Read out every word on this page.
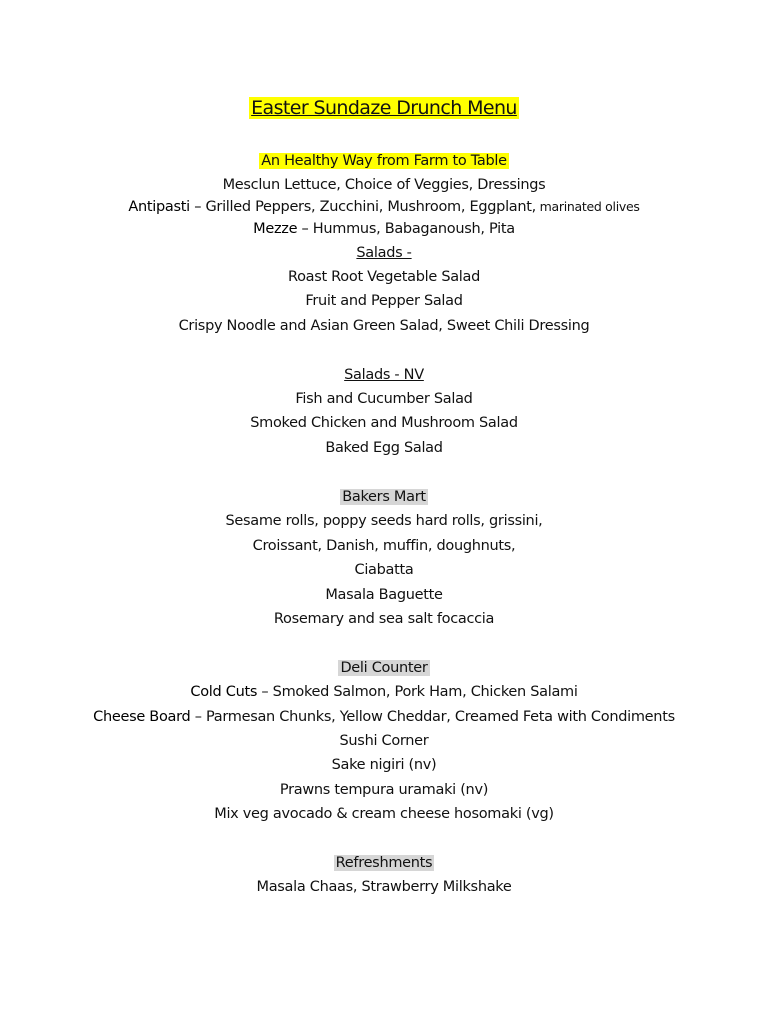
Easter Sundaze Drunch Menu
An Healthy Way from Farm to Table
Mesclun Lettuce, Choice of Veggies, Dressings
Antipasti – Grilled Peppers, Zucchini, Mushroom, Eggplant, marinated olives
Mezze – Hummus, Babaganoush, Pita
Salads -
Roast Root Vegetable Salad
Fruit and Pepper Salad
Crispy Noodle and Asian Green Salad, Sweet Chili Dressing
Salads - NV
Fish and Cucumber Salad
Smoked Chicken and Mushroom Salad
Baked Egg Salad
Bakers Mart
Sesame rolls, poppy seeds hard rolls, grissini,
Croissant, Danish, muffin, doughnuts,
Ciabatta
Masala Baguette
Rosemary and sea salt focaccia
Deli Counter
Cold Cuts – Smoked Salmon, Pork Ham, Chicken Salami
Cheese Board – Parmesan Chunks, Yellow Cheddar, Creamed Feta with Condiments
Sushi Corner
Sake nigiri (nv)
Prawns tempura uramaki (nv)
Mix veg avocado & cream cheese hosomaki (vg)
Refreshments
Masala Chaas, Strawberry Milkshake
